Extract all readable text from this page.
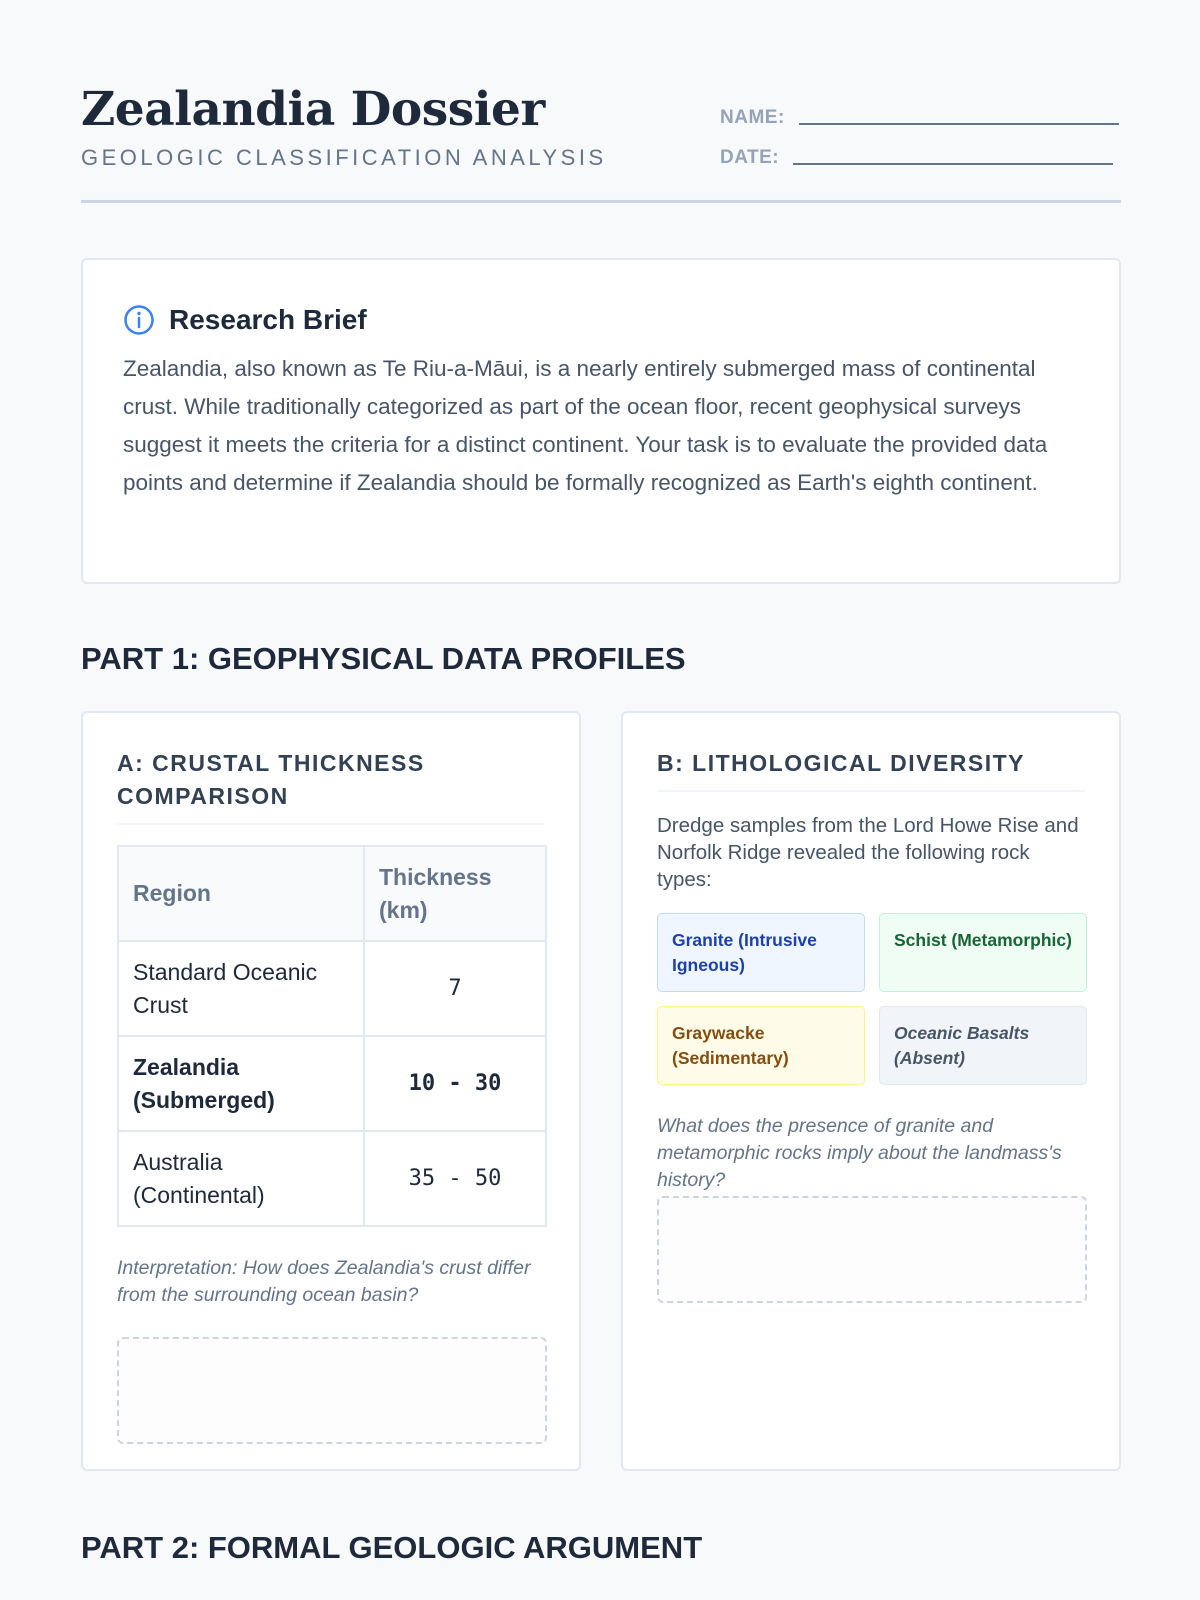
Zealandia Dossier
GEOLOGIC CLASSIFICATION ANALYSIS
NAME:
DATE:
Research Brief

Zealandia, also known as Te Riu-a-Māui, is a nearly entirely submerged mass of continental crust. While traditionally categorized as part of the ocean floor, recent geophysical surveys suggest it meets the criteria for a distinct continent. Your task is to evaluate the provided data points and determine if Zealandia should be formally recognized as Earth's eighth continent.

PART 1: GEOPHYSICAL DATA PROFILES
A: CRUSTAL THICKNESS COMPARISON
Region	Thickness (km)
Standard Oceanic Crust	7
Zealandia (Submerged)	10 - 30
Australia (Continental)	35 - 50

Interpretation: How does Zealandia's crust differ from the surrounding ocean basin?

B: LITHOLOGICAL DIVERSITY

Dredge samples from the Lord Howe Rise and Norfolk Ridge revealed the following rock types:

Granite (Intrusive Igneous)
Schist (Metamorphic)
Graywacke (Sedimentary)
Oceanic Basalts (Absent)

What does the presence of granite and metamorphic rocks imply about the landmass's history?

PART 2: FORMAL GEOLOGIC ARGUMENT
